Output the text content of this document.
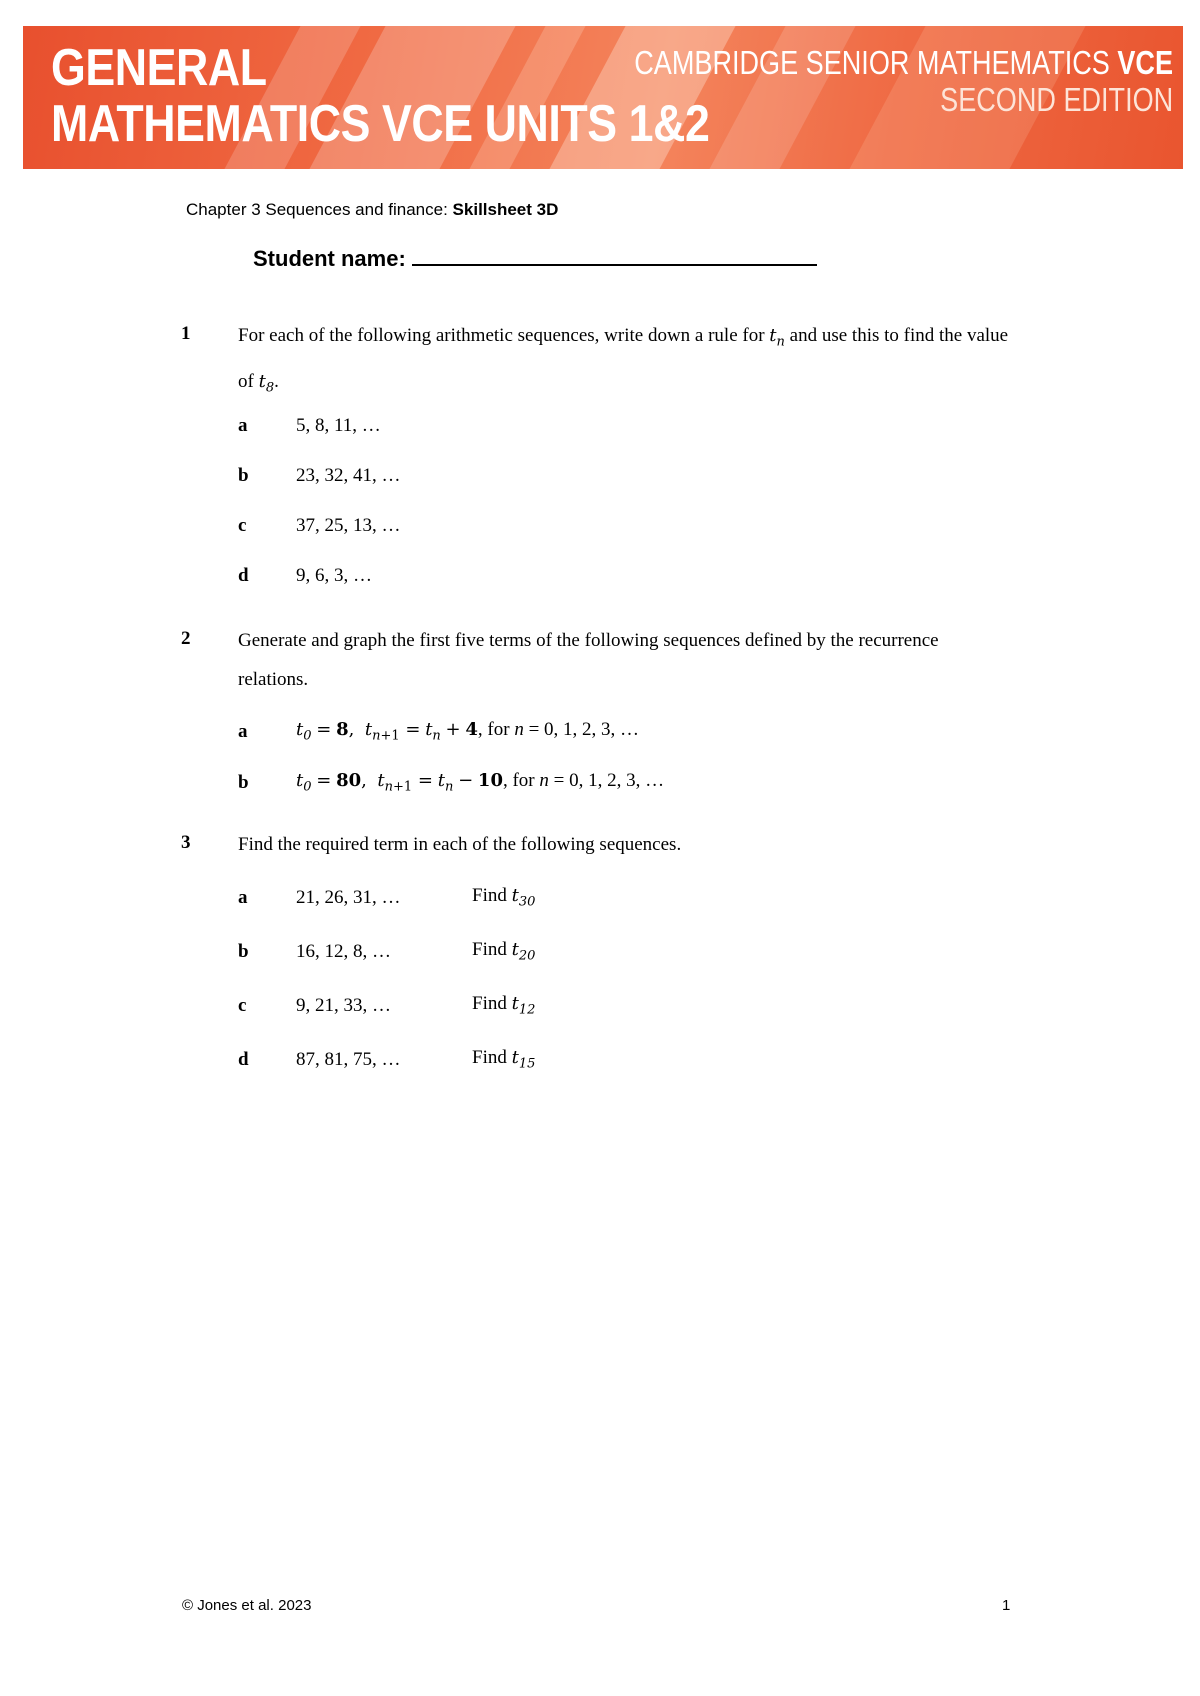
GENERAL
MATHEMATICS VCE UNITS 1&2
CAMBRIDGE SENIOR MATHEMATICS VCE
SECOND EDITION
Chapter 3 Sequences and finance: Skillsheet 3D
Student name:
1	For each of the following arithmetic sequences, write down a rule for $t_n$ and use this to find the value of $t_8$.
a	5, 8, 11, …
b 23, 32, 41, …
c	37, 25, 13, …
d 9, 6, 3, …
2	Generate and graph the first five terms of the following sequences defined by the recurrence relations.
a	$t_0 = 8$,  $t_{n+1} = t_n + 4$, for n = 0, 1, 2, 3, …
b	$t_0 = 80$,  $t_{n+1} = t_n - 10$, for n = 0, 1, 2, 3, …
3	Find the required term in each of the following sequences.
a	21, 26, 31, …	Find $t_{30}$
b 16, 12, 8, …	Find $t_{20}$
c	9, 21, 33, …	Find $t_{12}$
d 87, 81, 75, …	Find $t_{15}$
© Jones et al. 2023	1
